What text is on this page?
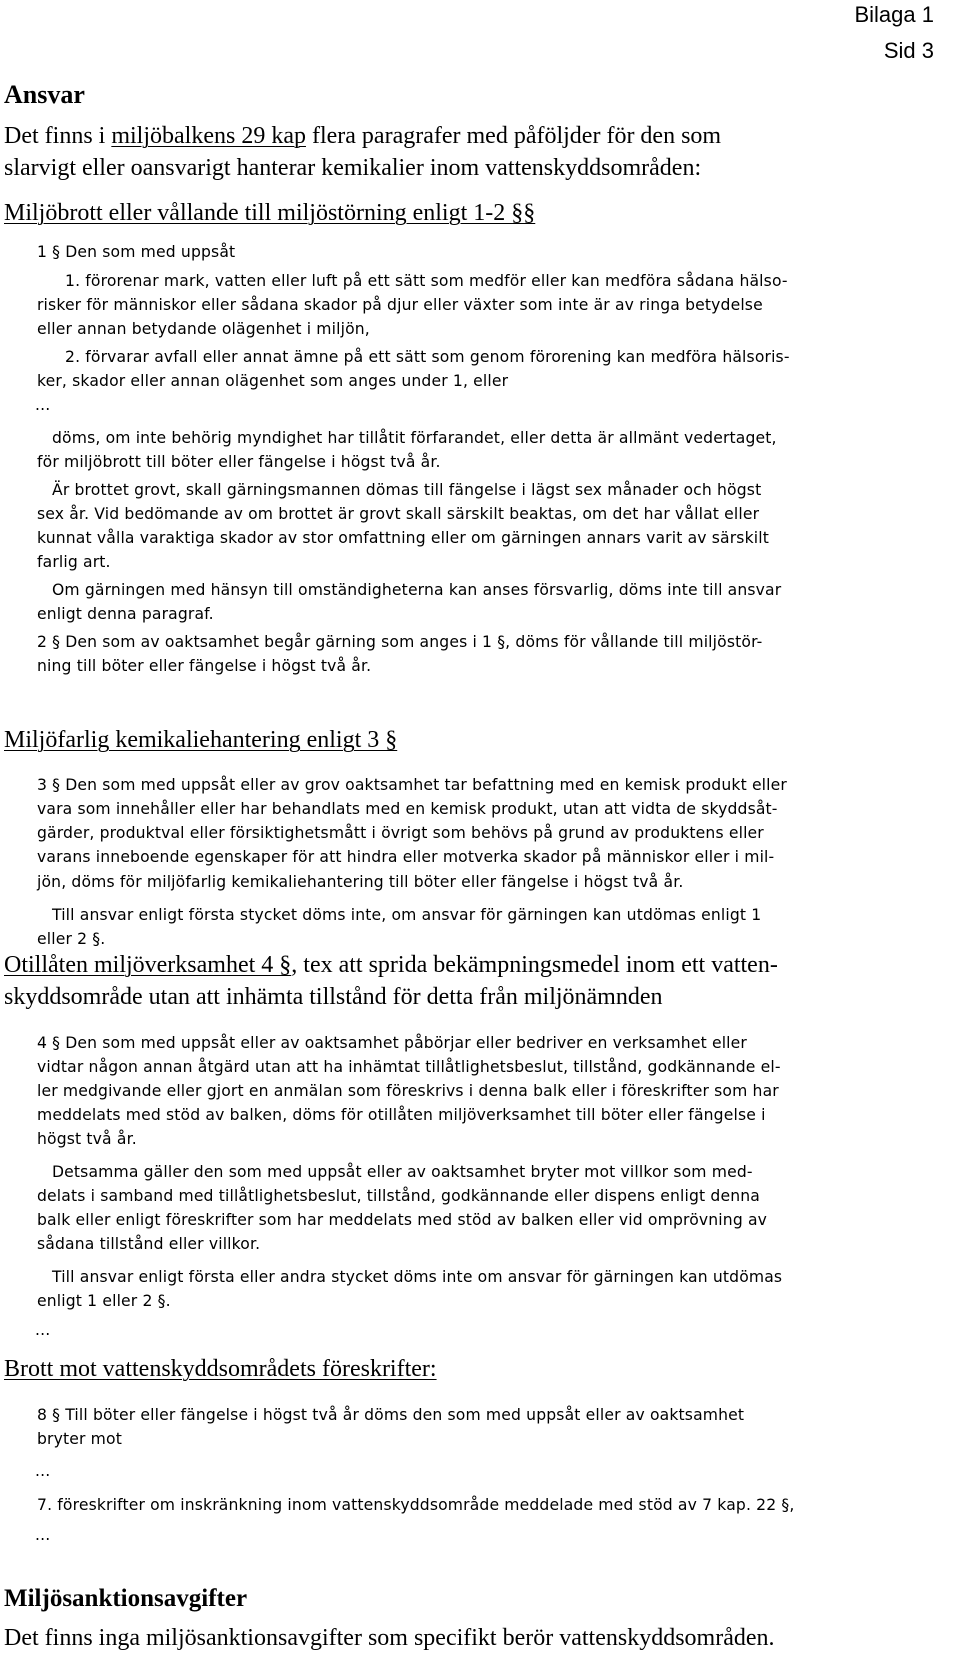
Bilaga 1
Sid 3
Ansvar
Det finns i miljöbalkens 29 kap flera paragrafer med påföljder för den som
slarvigt eller oansvarigt hanterar kemikalier inom vattenskyddsområden:
Miljöbrott eller vållande till miljöstörning enligt 1-2 §§
1 § Den som med uppsåt
1. förorenar mark, vatten eller luft på ett sätt som medför eller kan medföra sådana hälso-
risker för människor eller sådana skador på djur eller växter som inte är av ringa betydelse
eller annan betydande olägenhet i miljön,
2. förvarar avfall eller annat ämne på ett sätt som genom förorening kan medföra hälsoris-
ker, skador eller annan olägenhet som anges under 1, eller
...
döms, om inte behörig myndighet har tillåtit förfarandet, eller detta är allmänt vedertaget,
för miljöbrott till böter eller fängelse i högst två år.
Är brottet grovt, skall gärningsmannen dömas till fängelse i lägst sex månader och högst
sex år. Vid bedömande av om brottet är grovt skall särskilt beaktas, om det har vållat eller
kunnat vålla varaktiga skador av stor omfattning eller om gärningen annars varit av särskilt
farlig art.
Om gärningen med hänsyn till omständigheterna kan anses försvarlig, döms inte till ansvar
enligt denna paragraf.
2 § Den som av oaktsamhet begår gärning som anges i 1 §, döms för vållande till miljöstör-
ning till böter eller fängelse i högst två år.
Miljöfarlig kemikaliehantering enligt 3 §
3 § Den som med uppsåt eller av grov oaktsamhet tar befattning med en kemisk produkt eller
vara som innehåller eller har behandlats med en kemisk produkt, utan att vidta de skyddsåt-
gärder, produktval eller försiktighetsmått i övrigt som behövs på grund av produktens eller
varans inneboende egenskaper för att hindra eller motverka skador på människor eller i mil-
jön, döms för miljöfarlig kemikaliehantering till böter eller fängelse i högst två år.
Till ansvar enligt första stycket döms inte, om ansvar för gärningen kan utdömas enligt 1
eller 2 §.
Otillåten miljöverksamhet 4 §, tex att sprida bekämpningsmedel inom ett vatten-
skyddsområde utan att inhämta tillstånd för detta från miljönämnden
4 § Den som med uppsåt eller av oaktsamhet påbörjar eller bedriver en verksamhet eller
vidtar någon annan åtgärd utan att ha inhämtat tillåtlighetsbeslut, tillstånd, godkännande el-
ler medgivande eller gjort en anmälan som föreskrivs i denna balk eller i föreskrifter som har
meddelats med stöd av balken, döms för otillåten miljöverksamhet till böter eller fängelse i
högst två år.
Detsamma gäller den som med uppsåt eller av oaktsamhet bryter mot villkor som med-
delats i samband med tillåtlighetsbeslut, tillstånd, godkännande eller dispens enligt denna
balk eller enligt föreskrifter som har meddelats med stöd av balken eller vid omprövning av
sådana tillstånd eller villkor.
Till ansvar enligt första eller andra stycket döms inte om ansvar för gärningen kan utdömas
enligt 1 eller 2 §.
...
Brott mot vattenskyddsområdets föreskrifter:
8 § Till böter eller fängelse i högst två år döms den som med uppsåt eller av oaktsamhet
bryter mot
...
7. föreskrifter om inskränkning inom vattenskyddsområde meddelade med stöd av 7 kap. 22 §,
...
Miljösanktionsavgifter
Det finns inga miljösanktionsavgifter som specifikt berör vattenskyddsområden.
